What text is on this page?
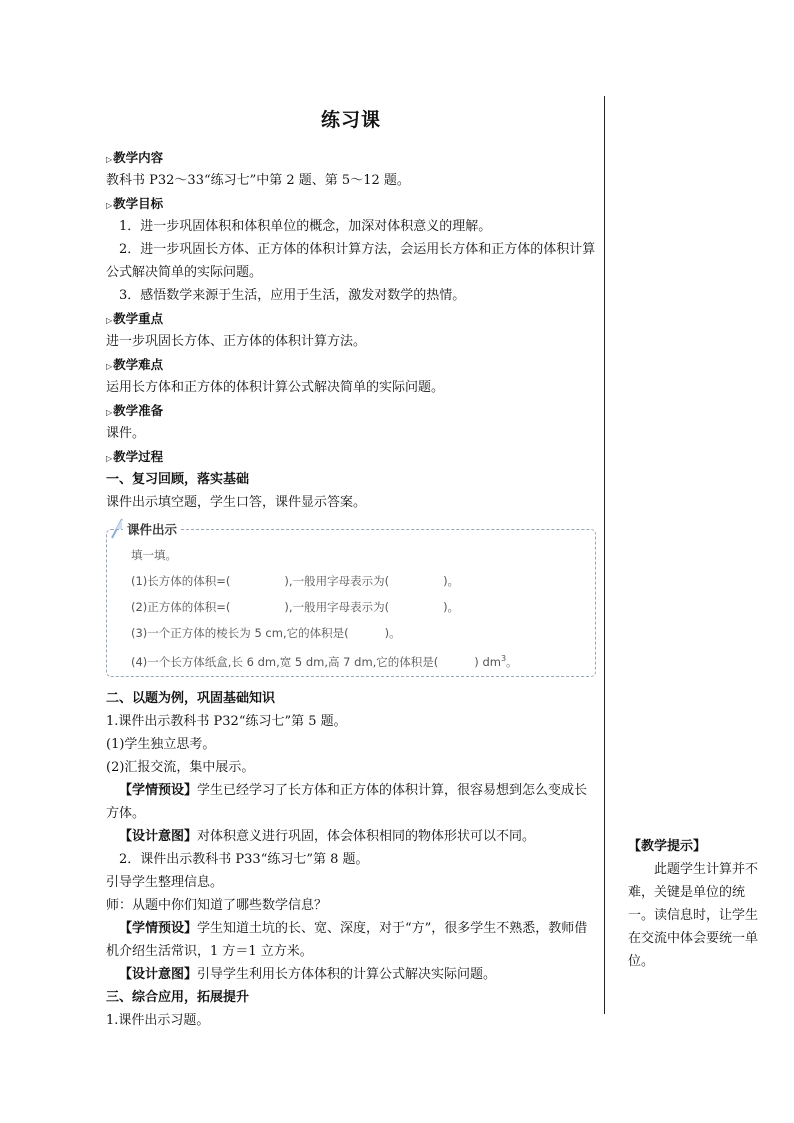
练习课
▷教学内容
教科书 P32～33“练习七”中第 2 题、第 5～12 题。
▷教学目标
1．进一步巩固体积和体积单位的概念，加深对体积意义的理解。
2．进一步巩固长方体、正方体的体积计算方法，会运用长方体和正方体的体积计算公式解决简单的实际问题。
3．感悟数学来源于生活，应用于生活，激发对数学的热情。
▷教学重点
进一步巩固长方体、正方体的体积计算方法。
▷教学难点
运用长方体和正方体的体积计算公式解决简单的实际问题。
▷教学准备
课件。
▷教学过程
一、复习回顾，落实基础
课件出示填空题，学生口答，课件显示答案。
课件出示
填一填。
(1)长方体的体积=(	),一般用字母表示为(	)。
(2)正方体的体积=(	),一般用字母表示为(	)。
(3)一个正方体的棱长为 5 cm,它的体积是(	)。
(4)一个长方体纸盒,长 6 dm,宽 5 dm,高 7 dm,它的体积是(	) $dm^3$。
二、以题为例，巩固基础知识
1.课件出示教科书 P32“练习七”第 5 题。
(1)学生独立思考。
(2)汇报交流，集中展示。
【学情预设】学生已经学习了长方体和正方体的体积计算，很容易想到怎么变成长方体。
【设计意图】对体积意义进行巩固，体会体积相同的物体形状可以不同。
2．课件出示教科书 P33“练习七”第 8 题。
引导学生整理信息。
师：从题中你们知道了哪些数学信息？
【学情预设】学生知道土坑的长、宽、深度，对于“方”，很多学生不熟悉，教师借机介绍生活常识，1 方＝1 立方米。
【设计意图】引导学生利用长方体体积的计算公式解决实际问题。
三、综合应用，拓展提升
1.课件出示习题。
【教学提示】
此题学生计算并不难，关键是单位的统一。读信息时，让学生在交流中体会要统一单位。
